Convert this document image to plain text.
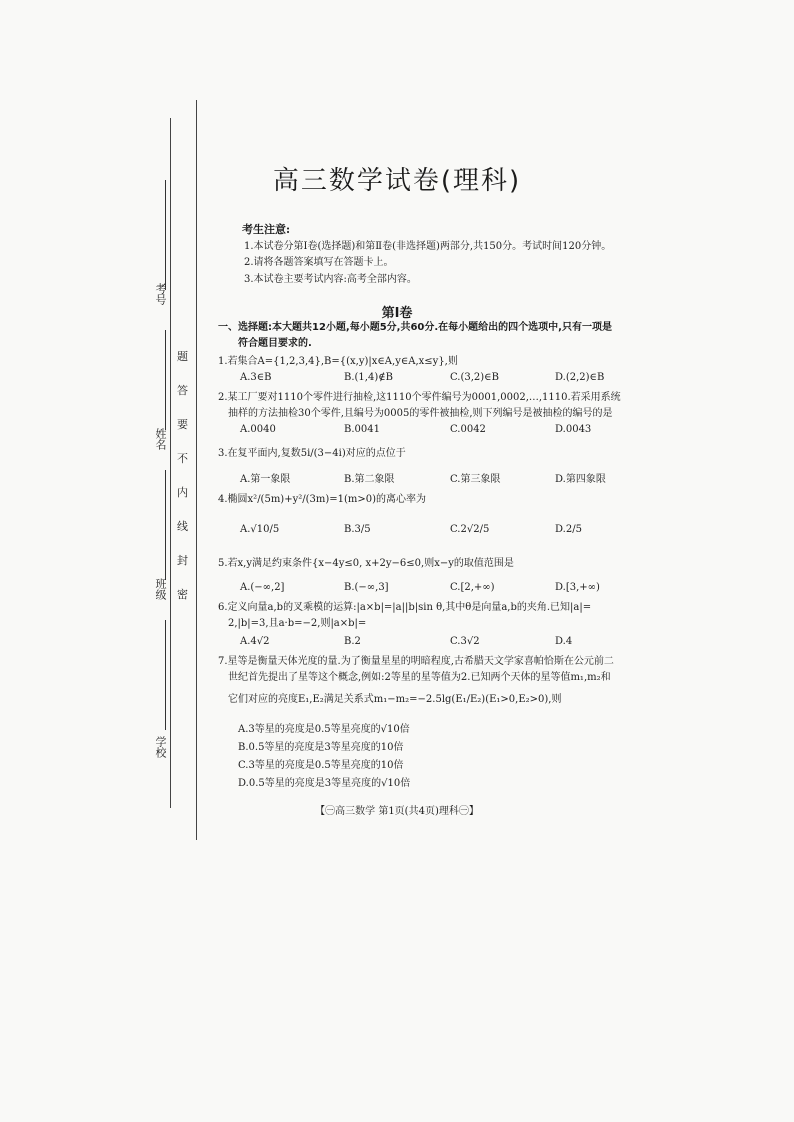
考号
姓名
班级
学校
题
答
要
不
内
线
封
密
高三数学试卷(理科)
考生注意:
1.本试卷分第Ⅰ卷(选择题)和第Ⅱ卷(非选择题)两部分,共150分。考试时间120分钟。
2.请将各题答案填写在答题卡上。
3.本试卷主要考试内容:高考全部内容。
第Ⅰ卷
一、选择题:本大题共12小题,每小题5分,共60分.在每小题给出的四个选项中,只有一项是
符合题目要求的.
1.若集合A={1,2,3,4},B={(x,y)|x∈A,y∈A,x≤y},则
A.3∈B	B.(1,4)∉B	C.(3,2)∈B	D.(2,2)∈B
2.某工厂要对1110个零件进行抽检,这1110个零件编号为0001,0002,…,1110.若采用系统
抽样的方法抽检30个零件,且编号为0005的零件被抽检,则下列编号是被抽检的编号的是
A.0040	B.0041	C.0042	D.0043
3.在复平面内,复数5i/(3−4i)对应的点位于
A.第一象限	B.第二象限	C.第三象限	D.第四象限
4.椭圆x²/(5m)+y²/(3m)=1(m>0)的离心率为
A.√10/5	B.3/5	C.2√2/5	D.2/5
5.若x,y满足约束条件{x−4y≤0, x+2y−6≤0,则x−y的取值范围是
A.(−∞,2]	B.(−∞,3]	C.[2,+∞)	D.[3,+∞)
6.定义向量a,b的叉乘模的运算:|a×b|=|a||b|sin θ,其中θ是向量a,b的夹角.已知|a|=
2,|b|=3,且a·b=−2,则|a×b|=
A.4√2	B.2	C.3√2	D.4
7.星等是衡量天体光度的量.为了衡量星星的明暗程度,古希腊天文学家喜帕恰斯在公元前二
世纪首先提出了星等这个概念,例如:2等星的星等值为2.已知两个天体的星等值m₁,m₂和
它们对应的亮度E₁,E₂满足关系式m₁−m₂=−2.5lg(E₁/E₂)(E₁>0,E₂>0),则
A.3等星的亮度是0.5等星亮度的√10倍
B.0.5等星的亮度是3等星亮度的10倍
C.3等星的亮度是0.5等星亮度的10倍
D.0.5等星的亮度是3等星亮度的√10倍
【㊀高三数学 第1页(共4页)理科㊀】
